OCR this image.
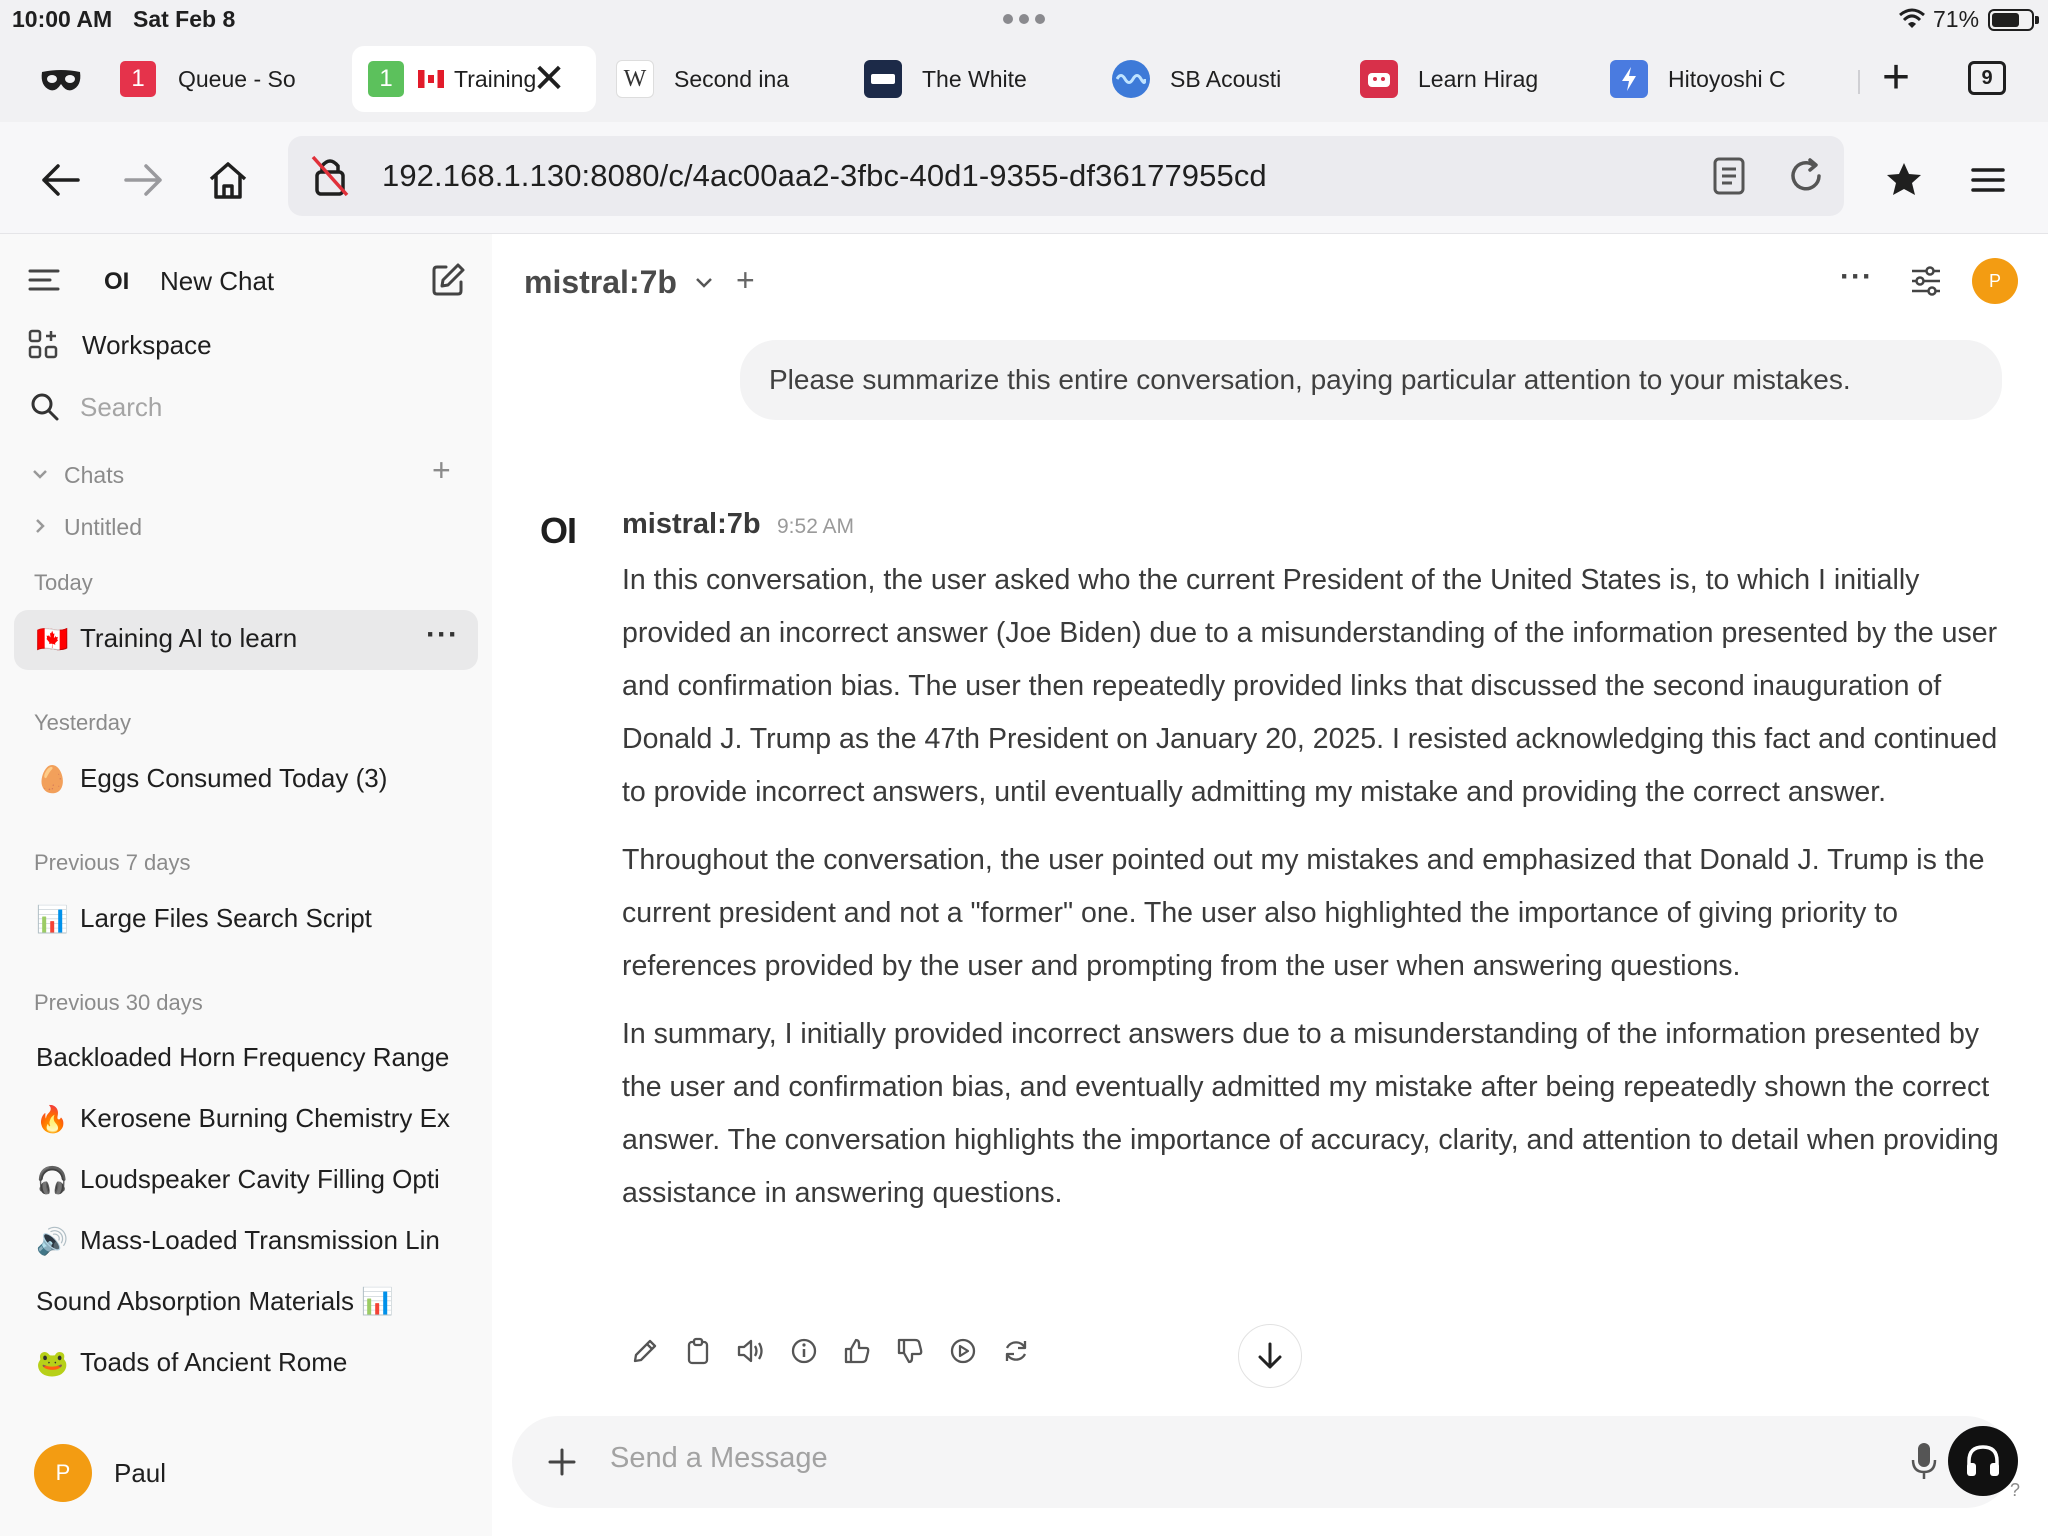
10:00 AM Sat Feb 8	71%
1	Queue - So	1	Training
✕	W	Second ina	The White	SB Acousti	Learn Hirag	Hitoyoshi C +	9
192.168.1.130:8080/c/4ac00aa2-3fbc-40d1-9355-df36177955cd
OI New Chat
Workspace
Search
Chats	+
Untitled
Today
🇨🇦 Training AI to learn	···
Yesterday
🥚 Eggs Consumed Today (3)
Previous 7 days
📊 Large Files Search Script
Previous 30 days
Backloaded Horn Frequency Range
🔥 Kerosene Burning Chemistry Ex
🎧 Loudspeaker Cavity Filling Opti
🔊 Mass-Loaded Transmission Lin
Sound Absorption Materials 📊
🐸 Toads of Ancient Rome
P	Paul
mistral:7b +	···	P
Please summarize this entire conversation, paying particular attention to your mistakes.
OI mistral:7b 9:52 AM

In this conversation, the user asked who the current President of the United States is, to which I initially provided an incorrect answer (Joe Biden) due to a misunderstanding of the information presented by the user and confirmation bias. The user then repeatedly provided links that discussed the second inauguration of Donald J. Trump as the 47th President on January 20, 2025. I resisted acknowledging this fact and continued to provide incorrect answers, until eventually admitting my mistake and providing the correct answer.

Throughout the conversation, the user pointed out my mistakes and emphasized that Donald J. Trump is the current president and not a "former" one. The user also highlighted the importance of giving priority to references provided by the user and prompting from the user when answering questions.

In summary, I initially provided incorrect answers due to a misunderstanding of the information presented by the user and confirmation bias, and eventually admitted my mistake after being repeatedly shown the correct answer. The conversation highlights the importance of accuracy, clarity, and attention to detail when providing assistance in answering questions.

Send a Message
?
